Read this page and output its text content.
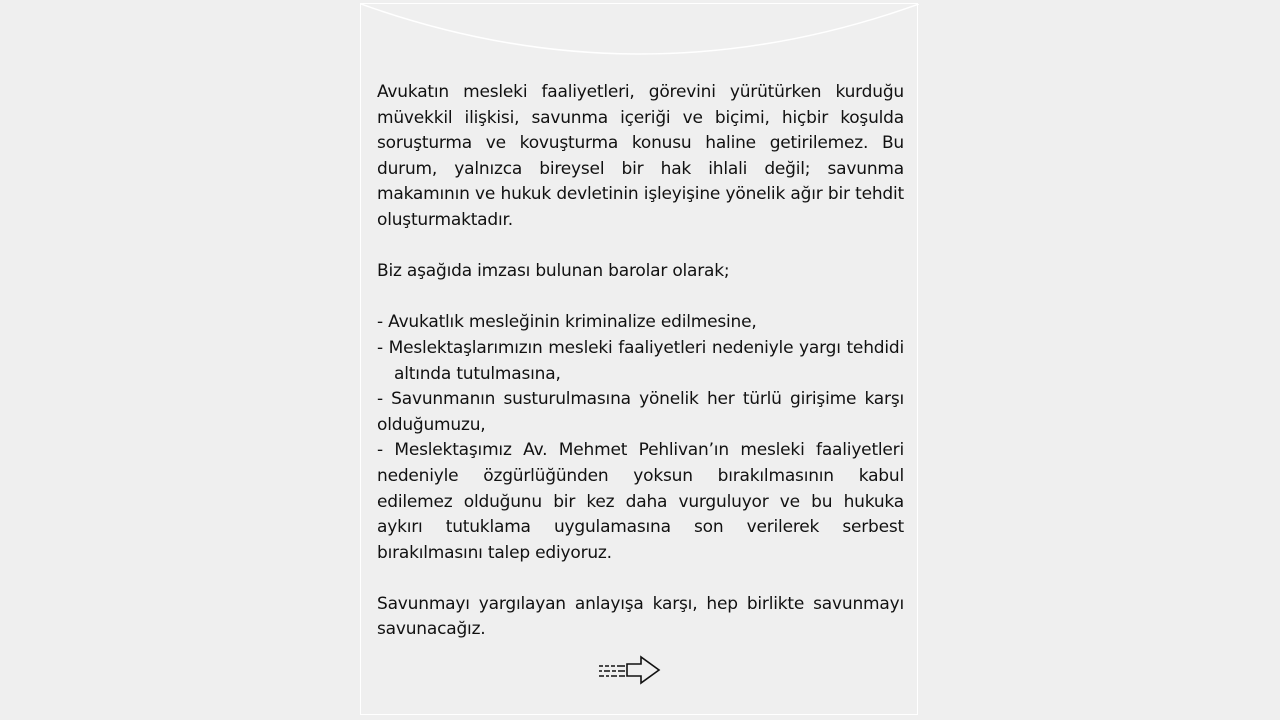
Avukatın mesleki faaliyetleri, görevini yürütürken kurduğu müvekkil ilişkisi, savunma içeriği ve biçimi, hiçbir koşulda soruşturma ve kovuşturma konusu haline getirilemez. Bu durum, yalnızca bireysel bir hak ihlali değil; savunma makamının ve hukuk devletinin işleyişine yönelik ağır bir tehdit oluşturmaktadır.

Biz aşağıda imzası bulunan barolar olarak;

- Avukatlık mesleğinin kriminalize edilmesine,

- Meslektaşlarımızın mesleki faaliyetleri nedeniyle yargı tehdidi altında tutulmasına,

- Savunmanın susturulmasına yönelik her türlü girişime karşı olduğumuzu,

- Meslektaşımız Av. Mehmet Pehlivan’ın mesleki faaliyetleri nedeniyle özgürlüğünden yoksun bırakılmasının kabul edilemez olduğunu bir kez daha vurguluyor ve bu hukuka aykırı tutuklama uygulamasına son verilerek serbest bırakılmasını talep ediyoruz.

Savunmayı yargılayan anlayışa karşı, hep birlikte savunmayı savunacağız.
